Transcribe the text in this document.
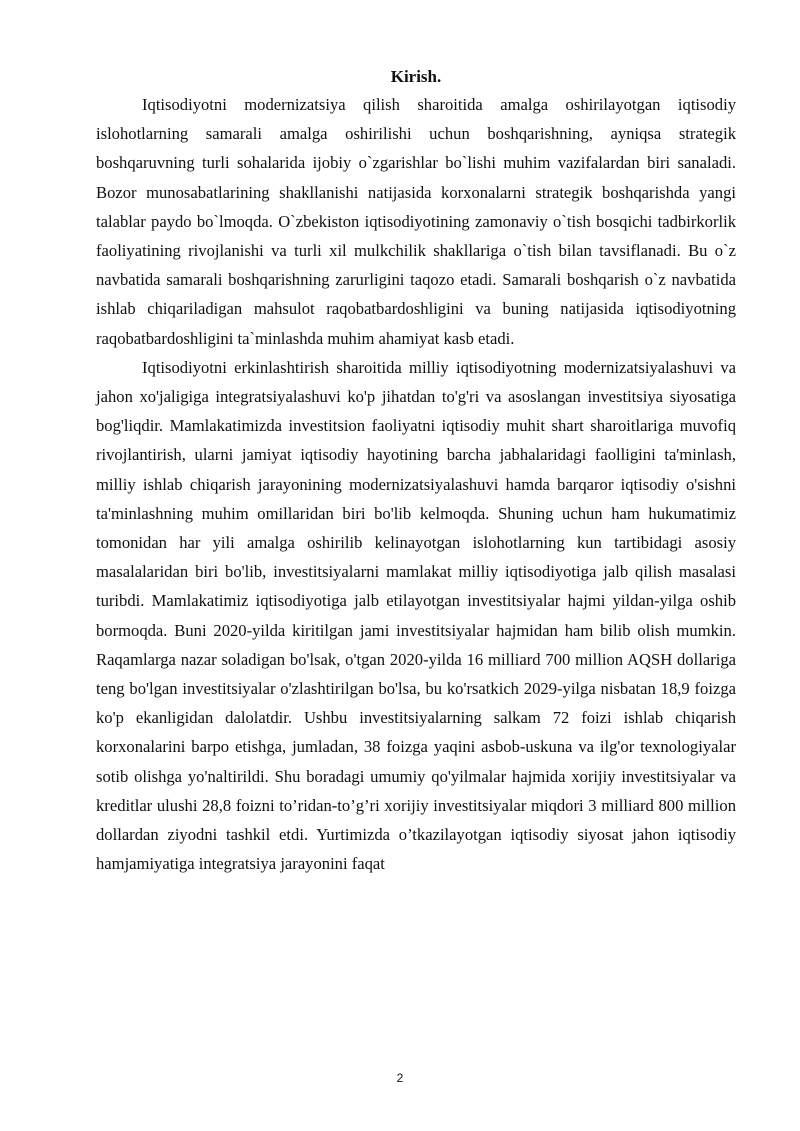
Kirish.

Iqtisodiyotni modernizatsiya qilish sharoitida amalga oshirilayotgan iqtisodiy islohotlarning samarali amalga oshirilishi uchun boshqarishning, ayniqsa strategik boshqaruvning turli sohalarida ijobiy o`zgarishlar bo`lishi muhim vazifalardan biri sanaladi. Bozor munosabatlarining shakllanishi natijasida korxonalarni strategik boshqarishda yangi talablar paydo bo`lmoqda. O`zbekiston iqtisodiyotining zamonaviy o`tish bosqichi tadbirkorlik faoliyatining rivojlanishi va turli xil mulkchilik shakllariga o`tish bilan tavsiflanadi. Bu o`z navbatida samarali boshqarishning zarurligini taqozo etadi. Samarali boshqarish o`z navbatida ishlab chiqariladigan mahsulot raqobatbardoshligini va buning natijasida iqtisodiyotning raqobatbardoshligini ta`minlashda muhim ahamiyat kasb etadi.

Iqtisodiyotni erkinlashtirish sharoitida milliy iqtisodiyotning modernizatsiyalashuvi va jahon xo'jaligiga integratsiyalashuvi ko'p jihatdan to'g'ri va asoslangan investitsiya siyosatiga bog'liqdir. Mamlakatimizda investitsion faoliyatni iqtisodiy muhit shart sharoitlariga muvofiq rivojlantirish, ularni jamiyat iqtisodiy hayotining barcha jabhalaridagi faolligini ta'minlash, milliy ishlab chiqarish jarayonining modernizatsiyalashuvi hamda barqaror iqtisodiy o'sishni ta'minlashning muhim omillaridan biri bo'lib kelmoqda. Shuning uchun ham hukumatimiz tomonidan har yili amalga oshirilib kelinayotgan islohotlarning kun tartibidagi asosiy masalalaridan biri bo'lib, investitsiyalarni mamlakat milliy iqtisodiyotiga jalb qilish masalasi turibdi. Mamlakatimiz iqtisodiyotiga jalb etilayotgan investitsiyalar hajmi yildan-yilga oshib bormoqda. Buni 2020-yilda kiritilgan jami investitsiyalar hajmidan ham bilib olish mumkin. Raqamlarga nazar soladigan bo'lsak, o'tgan 2020-yilda 16 milliard 700 million AQSH dollariga teng bo'lgan investitsiyalar o'zlashtirilgan bo'lsa, bu ko'rsatkich 2029-yilga nisbatan 18,9 foizga ko'p ekanligidan dalolatdir. Ushbu investitsiyalarning salkam 72 foizi ishlab chiqarish korxonalarini barpo etishga, jumladan, 38 foizga yaqini asbob-uskuna va ilg'or texnologiyalar sotib olishga yo'naltirildi. Shu boradagi umumiy qo'yilmalar hajmida xorijiy investitsiyalar va kreditlar ulushi 28,8 foizni to’ridan-to’g’ri xorijiy investitsiyalar miqdori 3 milliard 800 million dollardan ziyodni tashkil etdi. Yurtimizda o’tkazilayotgan iqtisodiy siyosat jahon iqtisodiy hamjamiyatiga integratsiya jarayonini faqat

2
